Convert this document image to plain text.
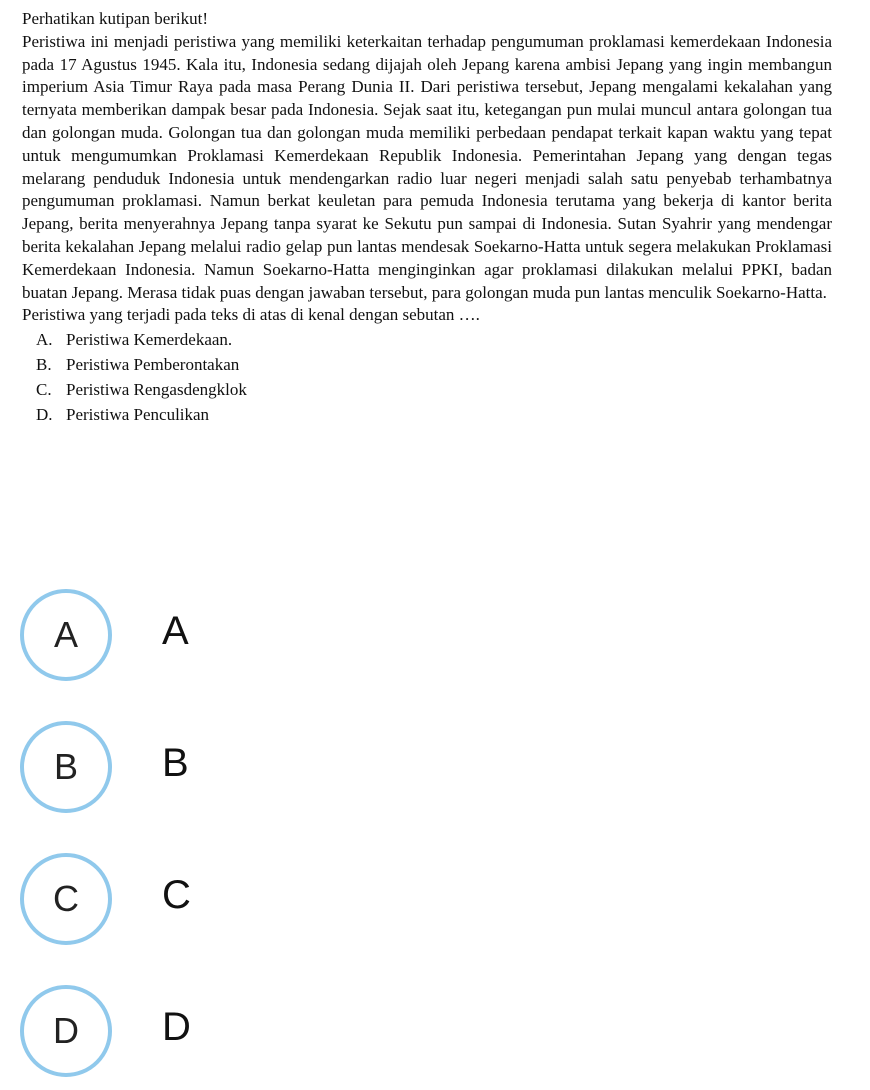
Perhatikan kutipan berikut!

Peristiwa ini menjadi peristiwa yang memiliki keterkaitan terhadap pengumuman proklamasi kemerdekaan Indonesia pada 17 Agustus 1945. Kala itu, Indonesia sedang dijajah oleh Jepang karena ambisi Jepang yang ingin membangun imperium Asia Timur Raya pada masa Perang Dunia II. Dari peristiwa tersebut, Jepang mengalami kekalahan yang ternyata memberikan dampak besar pada Indonesia. Sejak saat itu, ketegangan pun mulai muncul antara golongan tua dan golongan muda. Golongan tua dan golongan muda memiliki perbedaan pendapat terkait kapan waktu yang tepat untuk mengumumkan Proklamasi Kemerdekaan Republik Indonesia. Pemerintahan Jepang yang dengan tegas melarang penduduk Indonesia untuk mendengarkan radio luar negeri menjadi salah satu penyebab terhambatnya pengumuman proklamasi. Namun berkat keuletan para pemuda Indonesia terutama yang bekerja di kantor berita Jepang, berita menyerahnya Jepang tanpa syarat ke Sekutu pun sampai di Indonesia. Sutan Syahrir yang mendengar berita kekalahan Jepang melalui radio gelap pun lantas mendesak Soekarno-Hatta untuk segera melakukan Proklamasi Kemerdekaan Indonesia. Namun Soekarno-Hatta menginginkan agar proklamasi dilakukan melalui PPKI, badan buatan Jepang. Merasa tidak puas dengan jawaban tersebut, para golongan muda pun lantas menculik Soekarno-Hatta.

Peristiwa yang terjadi pada teks di atas di kenal dengan sebutan ….

A. Peristiwa Kemerdekaan.
B. Peristiwa Pemberontakan
C. Peristiwa Rengasdengklok
D. Peristiwa Penculikan
A	A
B	B
C	C
D	D
